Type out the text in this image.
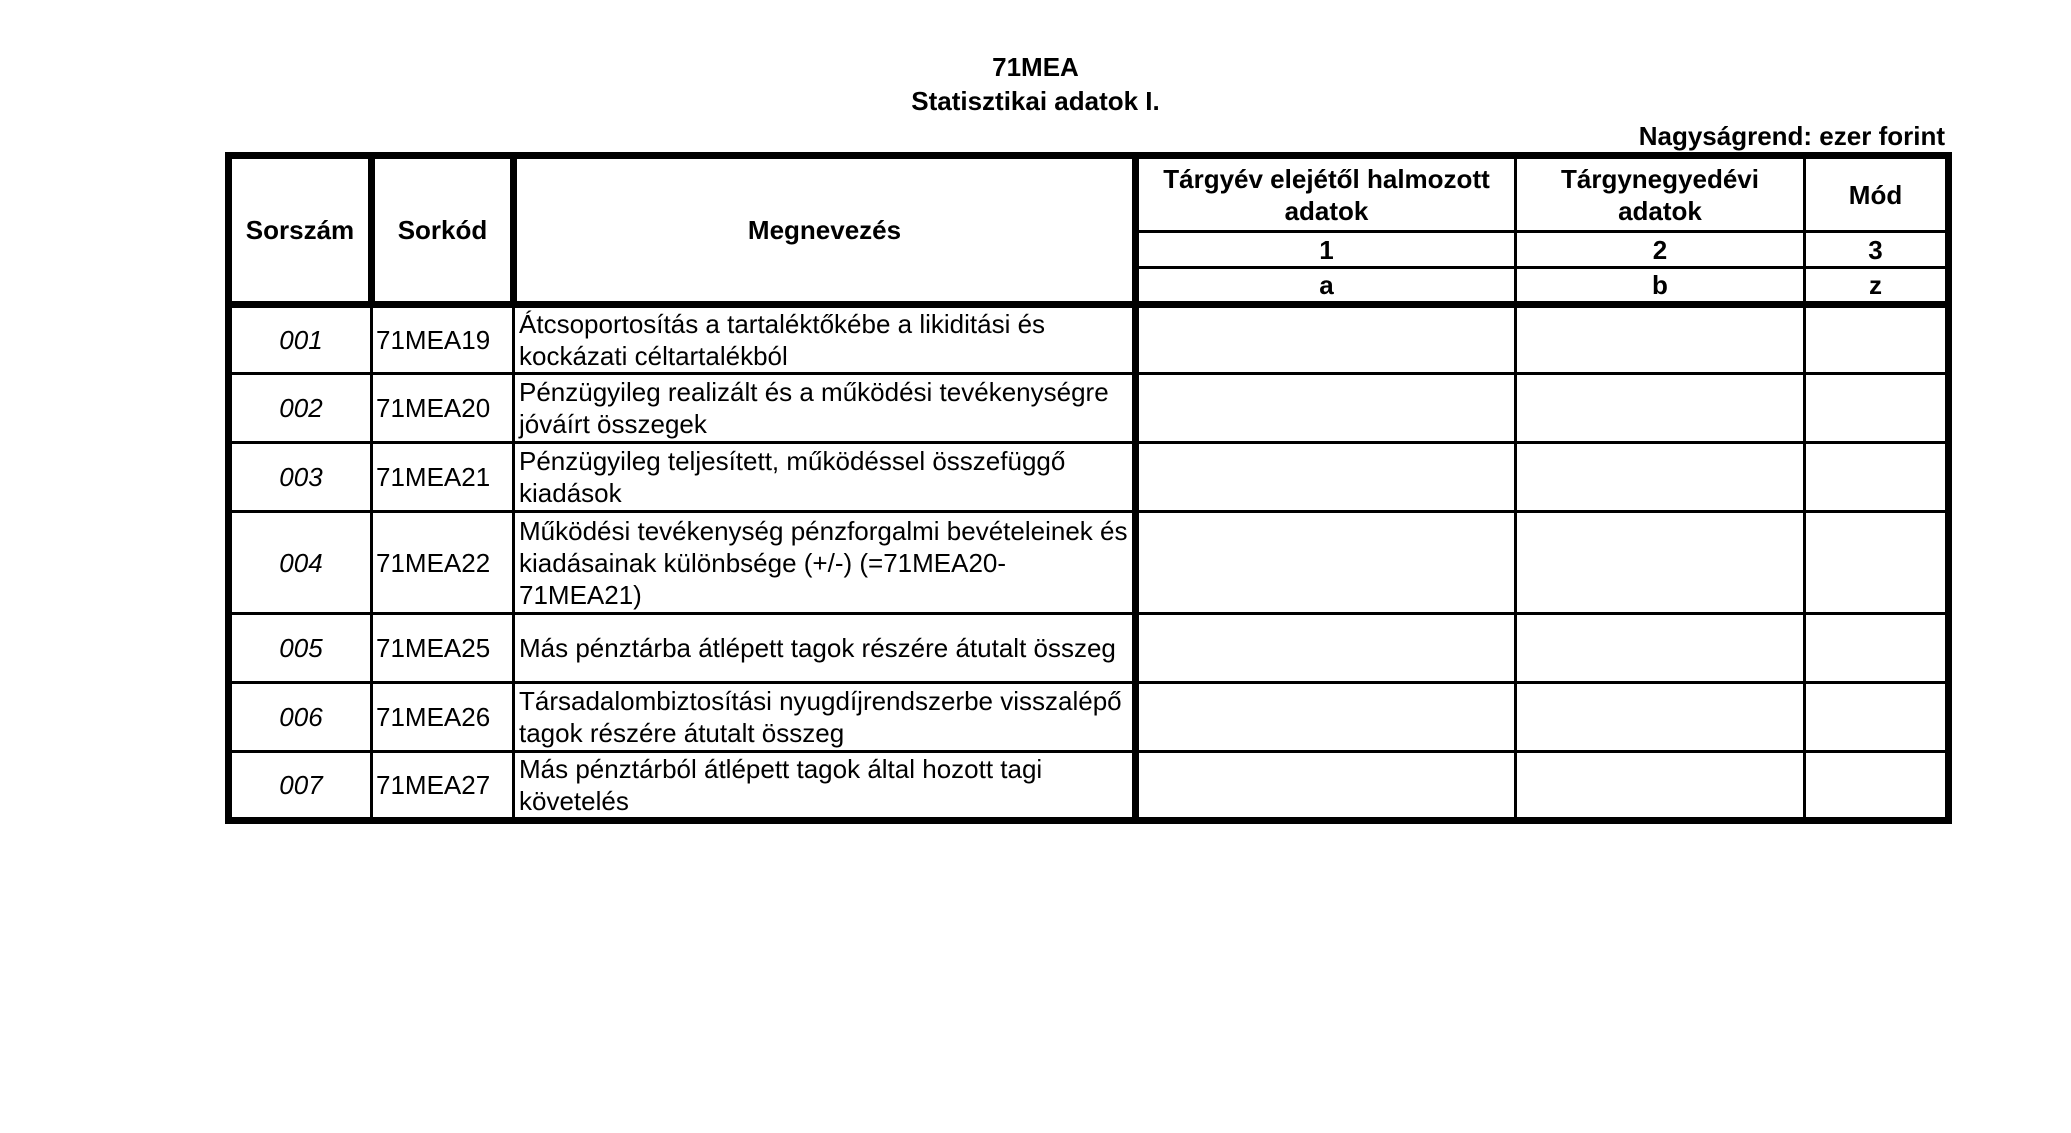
71MEA
Statisztikai adatok I.
Nagyságrend: ezer forint
Sorszám	Sorkód	Megnevezés	Tárgyév elejétől halmozott adatok	Tárgynegyedévi adatok	Mód
			1	2	3
			a	b	z
001	71MEA19	Átcsoportosítás a tartaléktőkébe a likiditási és kockázati céltartalékból			
002	71MEA20	Pénzügyileg realizált és a működési tevékenységre jóváírt összegek			
003	71MEA21	Pénzügyileg teljesített, működéssel összefüggő kiadások			
004	71MEA22	Működési tevékenység pénzforgalmi bevételeinek és kiadásainak különbsége (+/-) (=71MEA20-71MEA21)			
005	71MEA25	Más pénztárba átlépett tagok részére átutalt összeg			
006	71MEA26	Társadalombiztosítási nyugdíjrendszerbe visszalépő tagok részére átutalt összeg			
007	71MEA27	Más pénztárból átlépett tagok által hozott tagi követelés			
